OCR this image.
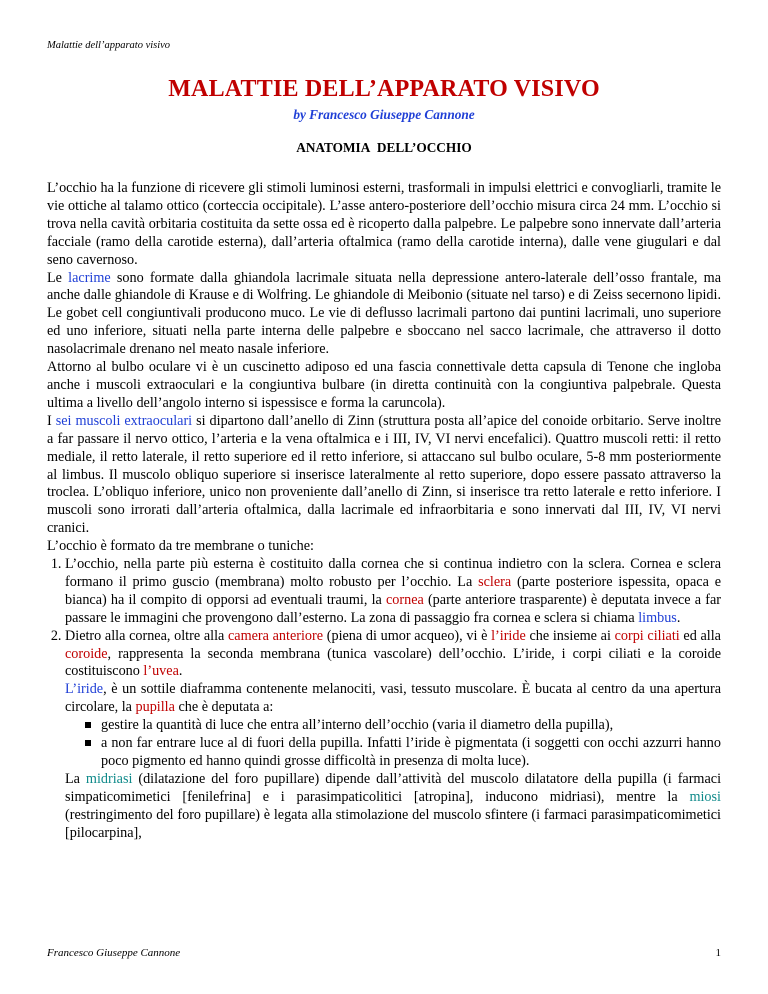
Malattie dell’apparato visivo
MALATTIE DELL’APPARATO VISIVO
by Francesco Giuseppe Cannone
ANATOMIA DELL’OCCHIO

L’occhio ha la funzione di ricevere gli stimoli luminosi esterni, trasformali in impulsi elettrici e convogliarli, tramite le vie ottiche al talamo ottico (corteccia occipitale). L’asse antero-posteriore dell’occhio misura circa 24 mm. L’occhio si trova nella cavità orbitaria costituita da sette ossa ed è ricoperto dalla palpebre. Le palpebre sono innervate dall’arteria facciale (ramo della carotide esterna), dall’arteria oftalmica (ramo della carotide interna), dalle vene giugulari e dal seno cavernoso.

Le lacrime sono formate dalla ghiandola lacrimale situata nella depressione antero-laterale dell’osso frantale, ma anche dalle ghiandole di Krause e di Wolfring. Le ghiandole di Meibonio (situate nel tarso) e di Zeiss secernono lipidi. Le gobet cell congiuntivali producono muco. Le vie di deflusso lacrimali partono dai puntini lacrimali, uno superiore ed uno inferiore, situati nella parte interna delle palpebre e sboccano nel sacco lacrimale, che attraverso il dotto nasolacrimale drenano nel meato nasale inferiore.

Attorno al bulbo oculare vi è un cuscinetto adiposo ed una fascia connettivale detta capsula di Tenone che ingloba anche i muscoli extraoculari e la congiuntiva bulbare (in diretta continuità con la congiuntiva palpebrale. Questa ultima a livello dell’angolo interno si ispessisce e forma la caruncola).

I sei muscoli extraoculari si dipartono dall’anello di Zinn (struttura posta all’apice del conoide orbitario. Serve inoltre a far passare il nervo ottico, l’arteria e la vena oftalmica e i III, IV, VI nervi encefalici). Quattro muscoli retti: il retto mediale, il retto laterale, il retto superiore ed il retto inferiore, si attaccano sul bulbo oculare, 5-8 mm posteriormente al limbus. Il muscolo obliquo superiore si inserisce lateralmente al retto superiore, dopo essere passato attraverso la troclea. L’obliquo inferiore, unico non proveniente dall’anello di Zinn, si inserisce tra retto laterale e retto inferiore. I muscoli sono irrorati dall’arteria oftalmica, dalla lacrimale ed infraorbitaria e sono innervati dal III, IV, VI nervi cranici.

L’occhio è formato da tre membrane o tuniche:

1. L’occhio, nella parte più esterna è costituito dalla cornea che si continua indietro con la sclera. Cornea e sclera formano il primo guscio (membrana) molto robusto per l’occhio. La sclera (parte posteriore ispessita, opaca e bianca) ha il compito di opporsi ad eventuali traumi, la cornea (parte anteriore trasparente) è deputata invece a far passare le immagini che provengono dall’esterno. La zona di passaggio fra cornea e sclera si chiama limbus.
2. Dietro alla cornea, oltre alla camera anteriore (piena di umor acqueo), vi è l’iride che insieme ai corpi ciliati ed alla coroide, rappresenta la seconda membrana (tunica vascolare) dell’occhio. L’iride, i corpi ciliati e la coroide costituiscono l’uvea.
L’iride, è un sottile diaframma contenente melanociti, vasi, tessuto muscolare. È bucata al centro da una apertura circolare, la pupilla che è deputata a:
gestire la quantità di luce che entra all’interno dell’occhio (varia il diametro della pupilla),
a non far entrare luce al di fuori della pupilla. Infatti l’iride è pigmentata (i soggetti con occhi azzurri hanno poco pigmento ed hanno quindi grosse difficoltà in presenza di molta luce).
La midriasi (dilatazione del foro pupillare) dipende dall’attività del muscolo dilatatore della pupilla (i farmaci simpaticomimetici [fenilefrina] e i parasimpaticolitici [atropina], inducono midriasi), mentre la miosi (restringimento del foro pupillare) è legata alla stimolazione del muscolo sfintere (i farmaci parasimpaticomimetici [pilocarpina],
Francesco Giuseppe Cannone	1
